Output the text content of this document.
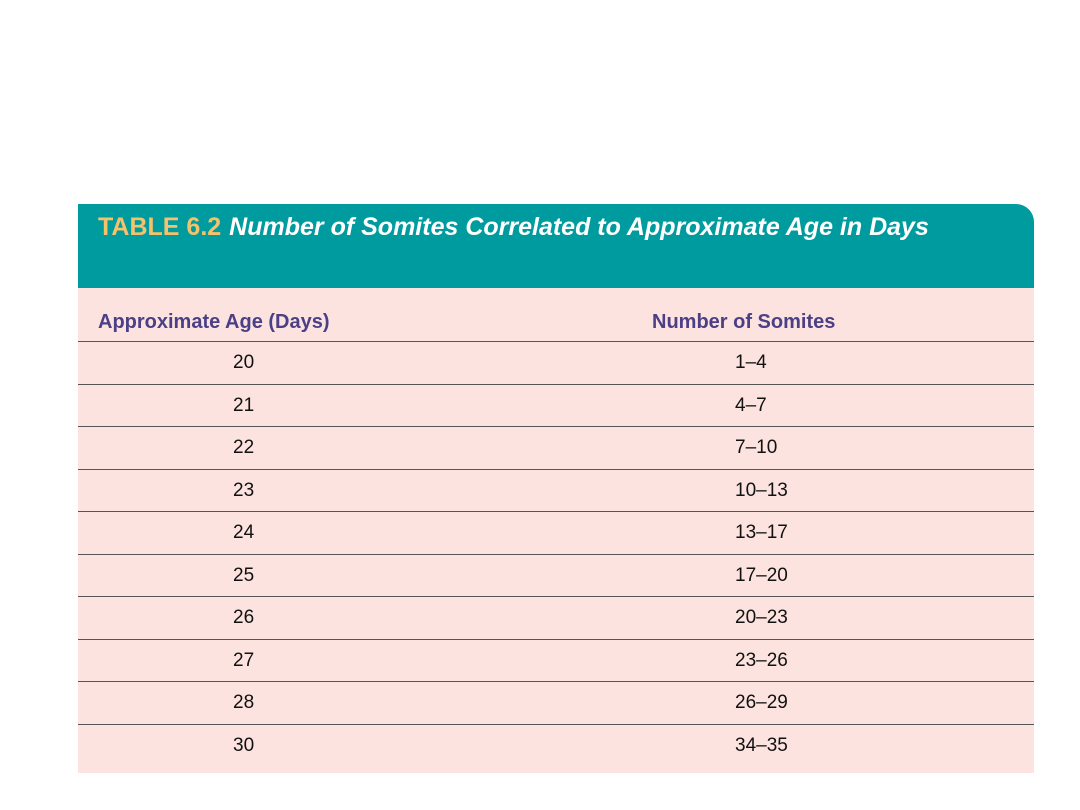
TABLE 6.2 Number of Somites Correlated to Approximate Age in Days
Approximate Age (Days)	Number of Somites
20	1–4
21	4–7
22	7–10
23	10–13
24	13–17
25	17–20
26	20–23
27	23–26
28	26–29
30	34–35
